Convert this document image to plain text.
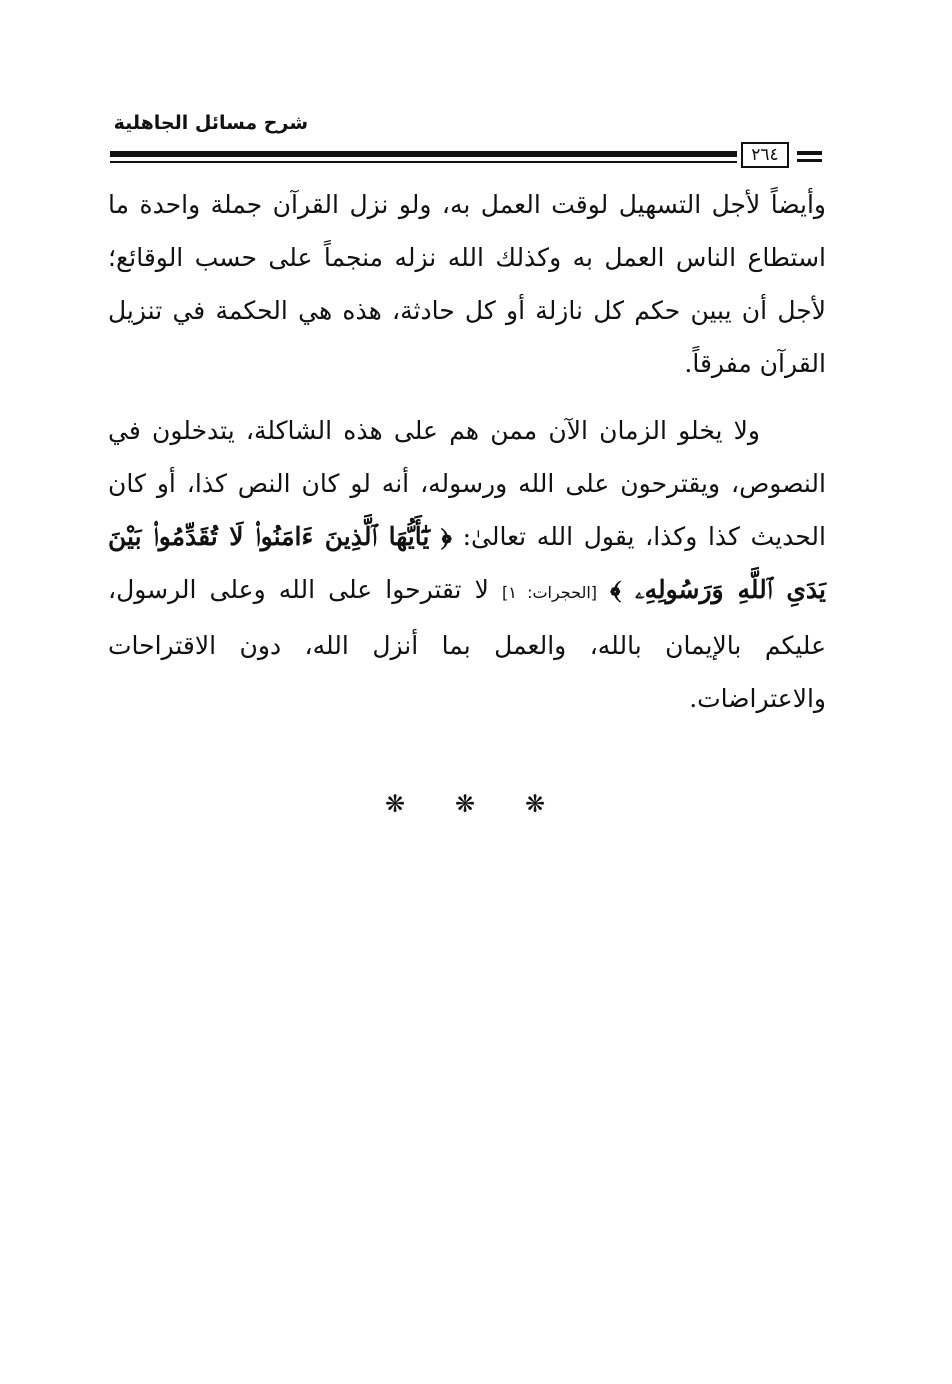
شرح مسائل الجاهلية
٢٦٤

وأيضاً لأجل التسهيل لوقت العمل به، ولو نزل القرآن جملة واحدة ما استطاع الناس العمل به وكذلك الله نزله منجماً على حسب الوقائع؛ لأجل أن يبين حكم كل نازلة أو كل حادثة، هذه هي الحكمة في تنزيل القرآن مفرقاً.

ولا يخلو الزمان الآن ممن هم على هذه الشاكلة، يتدخلون في النصوص، ويقترحون على الله ورسوله، أنه لو كان النص كذا، أو كان الحديث كذا وكذا، يقول الله تعالىٰ: ﴿ يَٰٓأَيُّهَا ٱلَّذِينَ ءَامَنُوا۟ لَا تُقَدِّمُوا۟ بَيْنَ يَدَىِ ٱللَّهِ وَرَسُولِهِۦ ﴾ [الحجرات: ١] لا تقترحوا على الله وعلى الرسول، عليكم بالإيمان بالله، والعمل بما أنزل الله، دون الاقتراحات والاعتراضات.

❋
❋
❋
